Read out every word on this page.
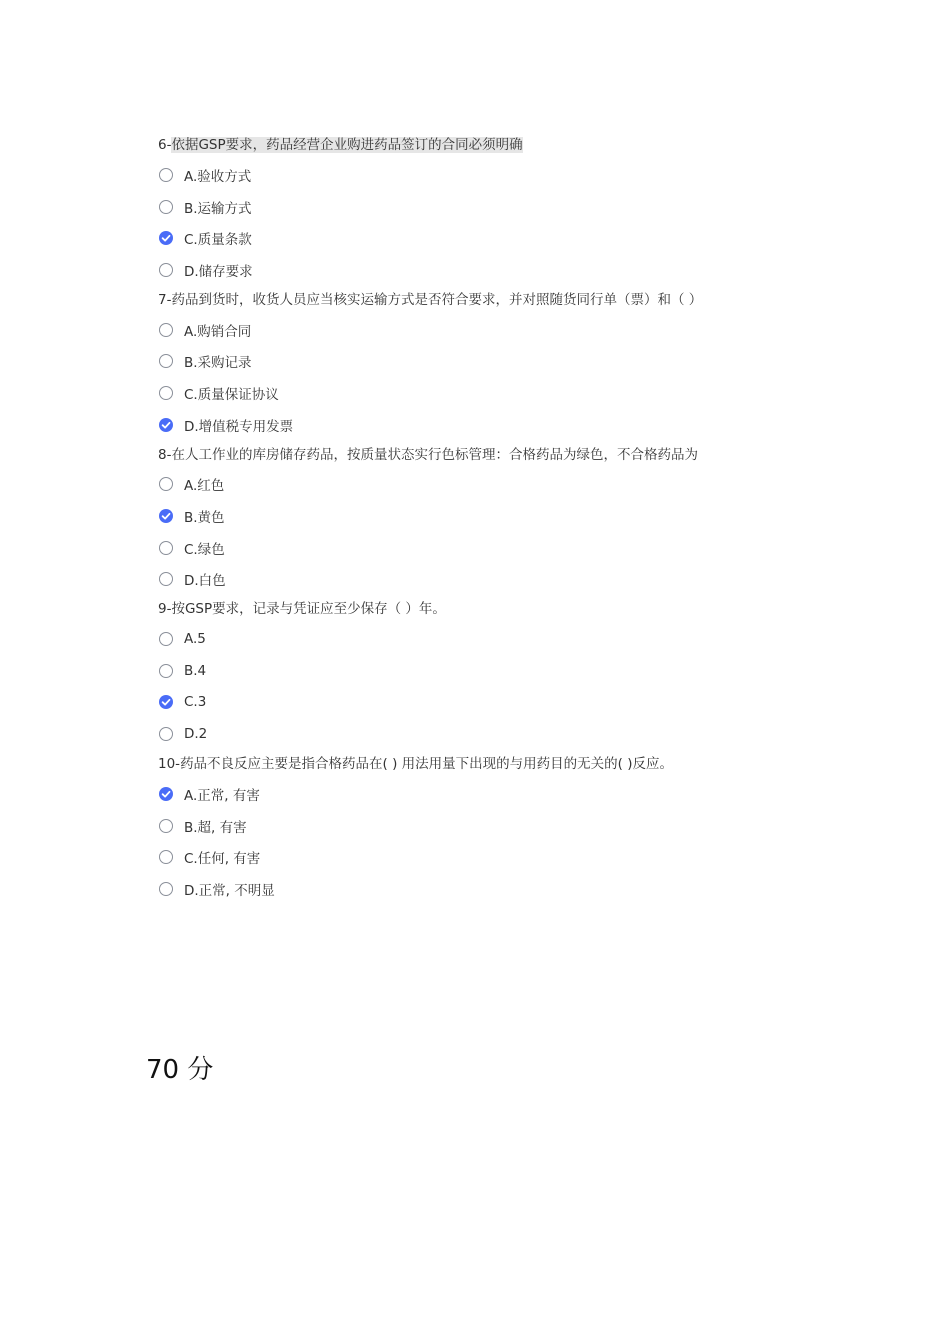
6-依据GSP要求，药品经营企业购进药品签订的合同必须明确
A.验收方式
B.运输方式
C.质量条款
D.储存要求
7-药品到货时，收货人员应当核实运输方式是否符合要求，并对照随货同行单（票）和（ ）
A.购销合同
B.采购记录
C.质量保证协议
D.增值税专用发票
8-在人工作业的库房储存药品，按质量状态实行色标管理：合格药品为绿色，不合格药品为
A.红色
B.黄色
C.绿色
D.白色
9-按GSP要求，记录与凭证应至少保存（ ）年。
A.5
B.4
C.3
D.2
10-药品不良反应主要是指合格药品在( ) 用法用量下出现的与用药目的无关的( )反应。
A.正常, 有害
B.超, 有害
C.任何, 有害
D.正常, 不明显
70 分
